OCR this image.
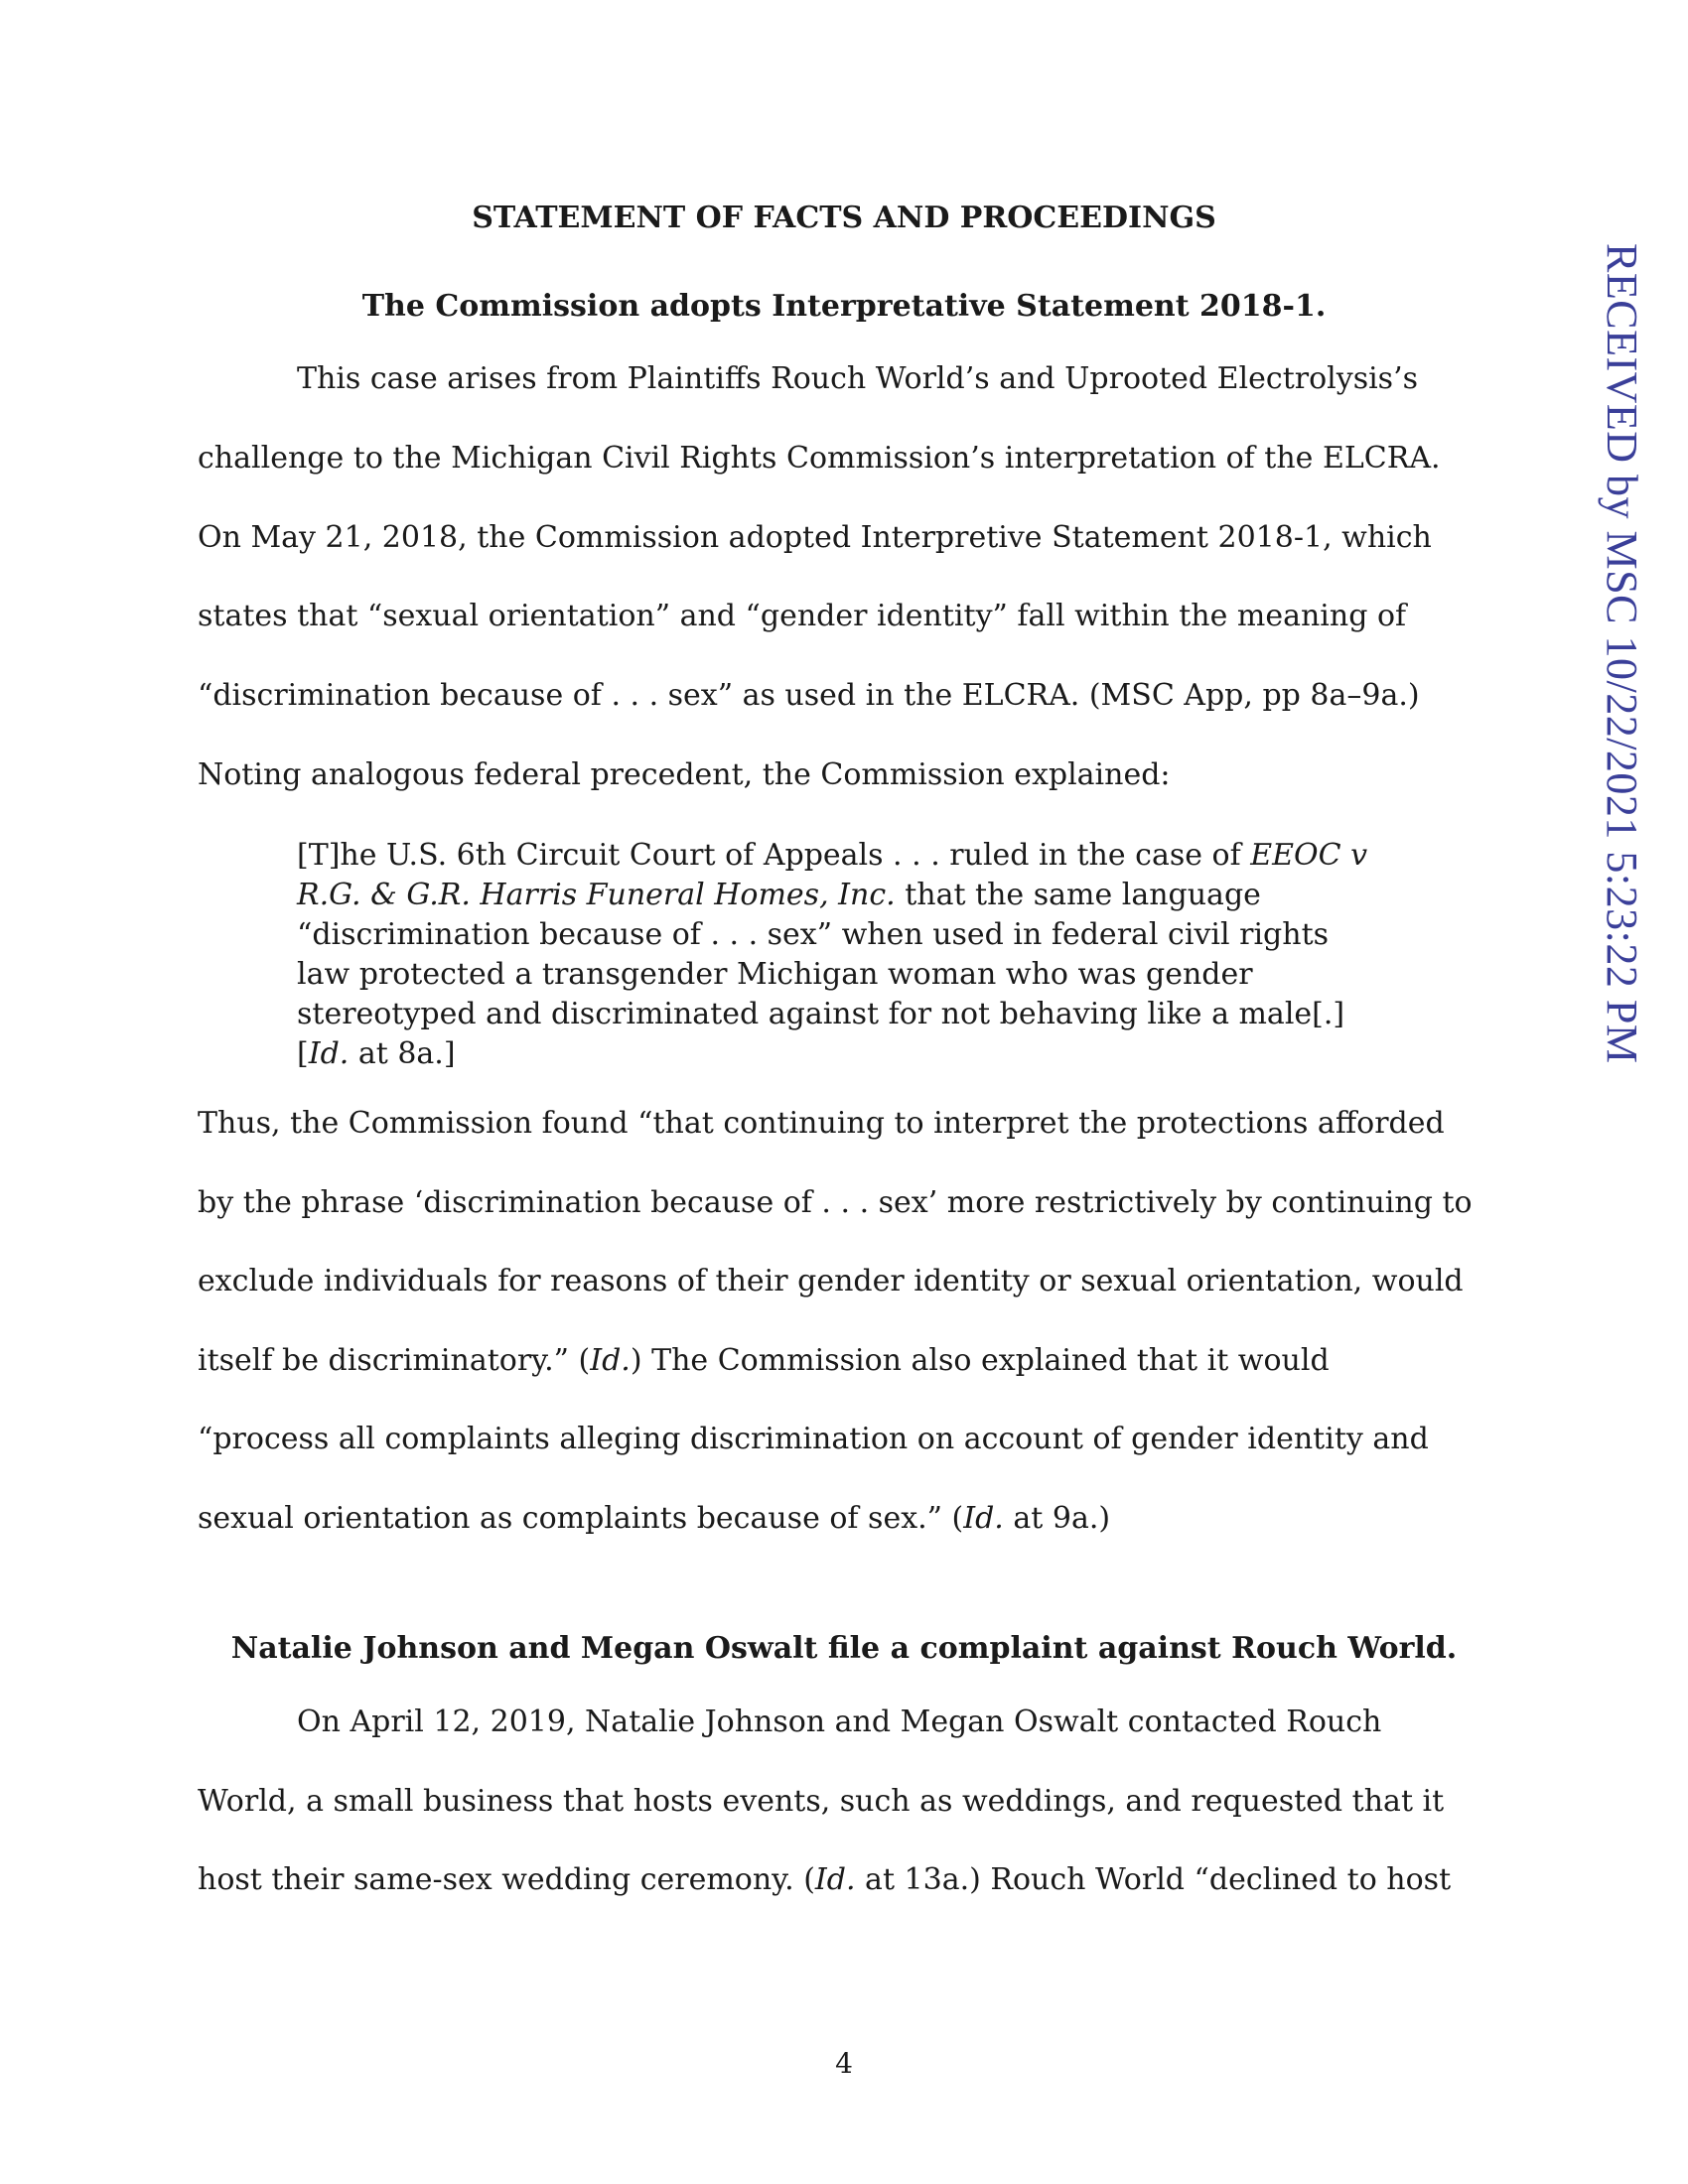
RECEIVED by MSC 10/22/2021 5:23:22 PM
STATEMENT OF FACTS AND PROCEEDINGS
The Commission adopts Interpretative Statement 2018-1.
This case arises from Plaintiffs Rouch World’s and Uprooted Electrolysis’s
challenge to the Michigan Civil Rights Commission’s interpretation of the ELCRA.
On May 21, 2018, the Commission adopted Interpretive Statement 2018-1, which
states that “sexual orientation” and “gender identity” fall within the meaning of
“discrimination because of . . . sex” as used in the ELCRA. (MSC App, pp 8a–9a.)
Noting analogous federal precedent, the Commission explained:
[T]he U.S. 6th Circuit Court of Appeals . . . ruled in the case of EEOC v
R.G. & G.R. Harris Funeral Homes, Inc. that the same language
“discrimination because of . . . sex” when used in federal civil rights
law protected a transgender Michigan woman who was gender
stereotyped and discriminated against for not behaving like a male[.]
[Id. at 8a.]
Thus, the Commission found “that continuing to interpret the protections afforded
by the phrase ‘discrimination because of . . . sex’ more restrictively by continuing to
exclude individuals for reasons of their gender identity or sexual orientation, would
itself be discriminatory.” (Id.) The Commission also explained that it would
“process all complaints alleging discrimination on account of gender identity and
sexual orientation as complaints because of sex.” (Id. at 9a.)
Natalie Johnson and Megan Oswalt file a complaint against Rouch World.
On April 12, 2019, Natalie Johnson and Megan Oswalt contacted Rouch
World, a small business that hosts events, such as weddings, and requested that it
host their same-sex wedding ceremony. (Id. at 13a.) Rouch World “declined to host
4
